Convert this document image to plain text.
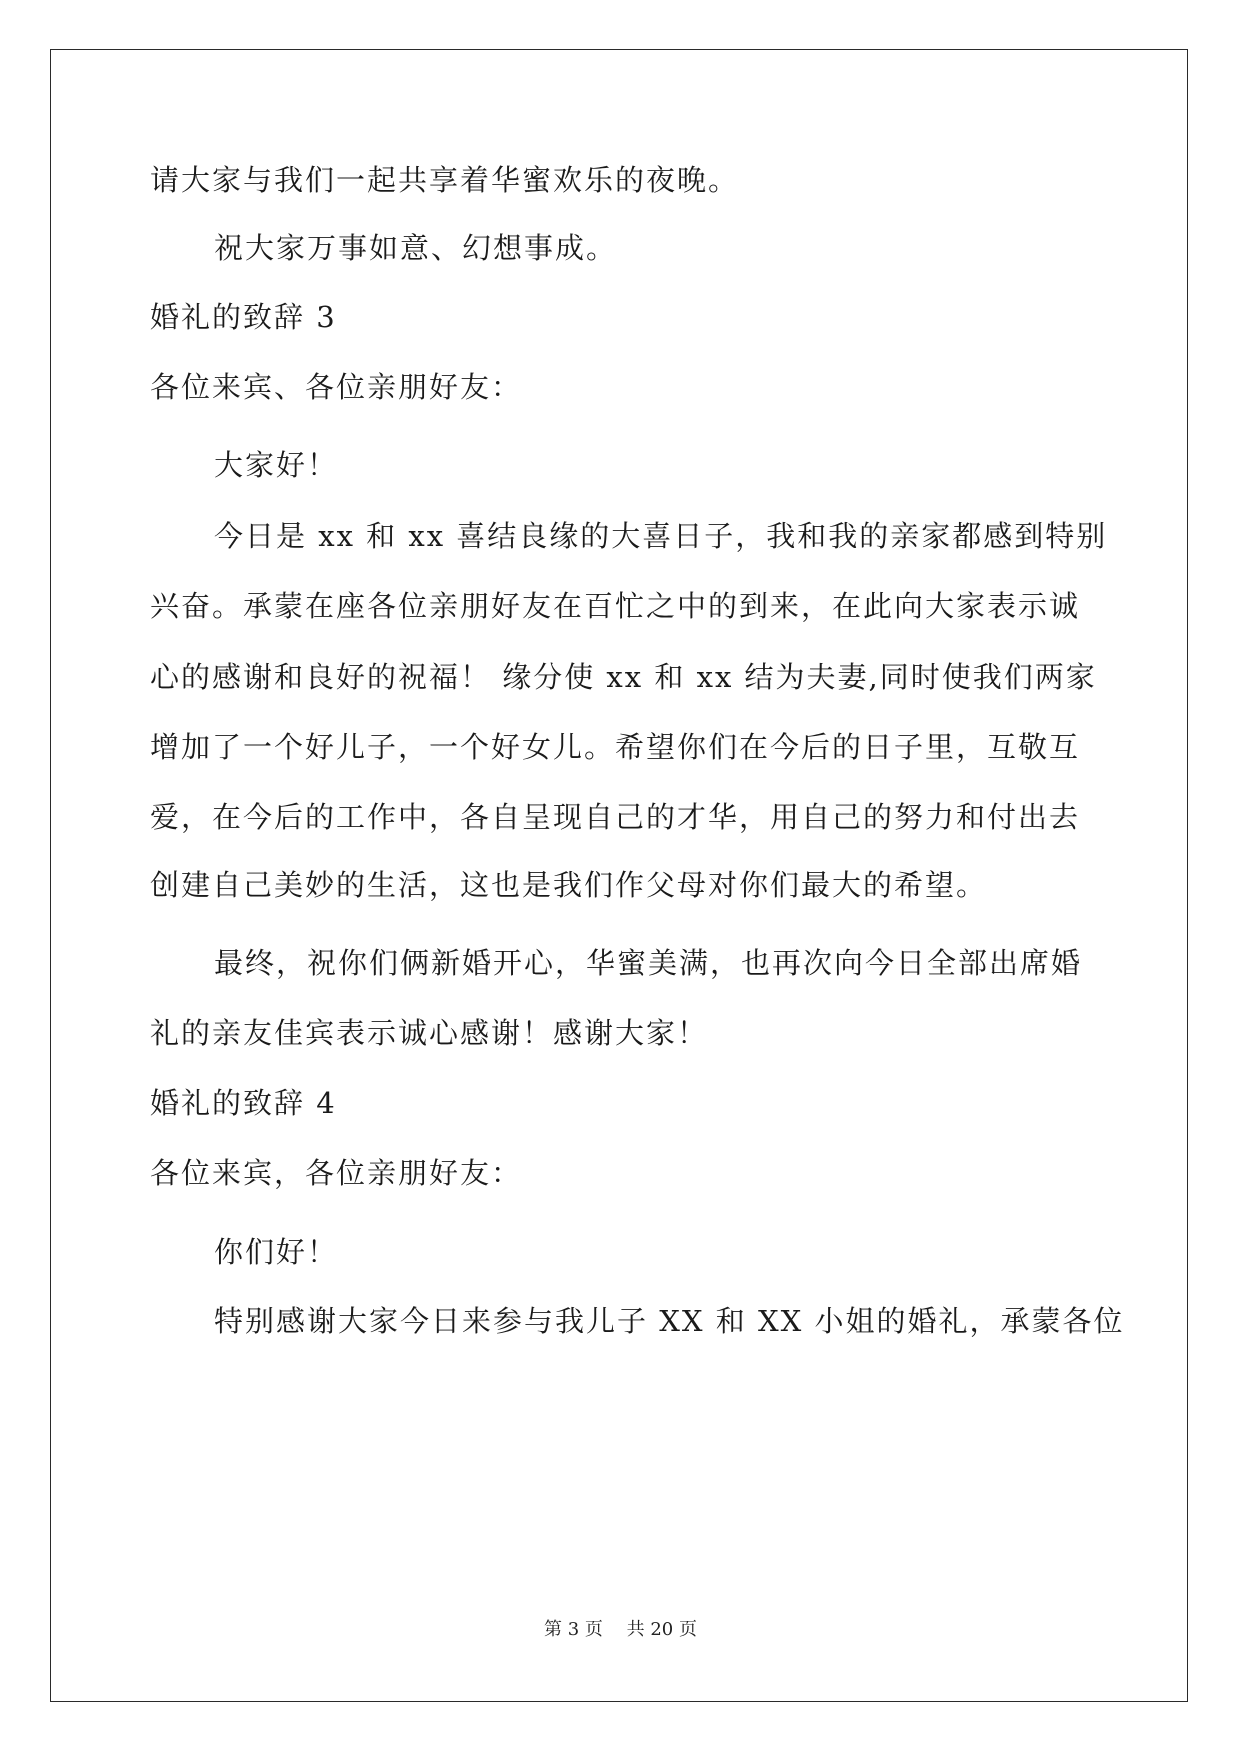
请大家与我们一起共享着华蜜欢乐的夜晚。
祝大家万事如意、幻想事成。
婚礼的致辞 3
各位来宾、各位亲朋好友：
大家好！
今日是 xx 和 xx 喜结良缘的大喜日子，我和我的亲家都感到特别
兴奋。承蒙在座各位亲朋好友在百忙之中的到来，在此向大家表示诚
心的感谢和良好的祝福！ 缘分使 xx 和 xx 结为夫妻,同时使我们两家
增加了一个好儿子，一个好女儿。希望你们在今后的日子里，互敬互
爱，在今后的工作中，各自呈现自己的才华，用自己的努力和付出去
创建自己美妙的生活，这也是我们作父母对你们最大的希望。
最终，祝你们俩新婚开心，华蜜美满，也再次向今日全部出席婚
礼的亲友佳宾表示诚心感谢！感谢大家！
婚礼的致辞 4
各位来宾，各位亲朋好友：
你们好！
特别感谢大家今日来参与我儿子 XX 和 XX 小姐的婚礼，承蒙各位
第 3 页　 共 20 页
